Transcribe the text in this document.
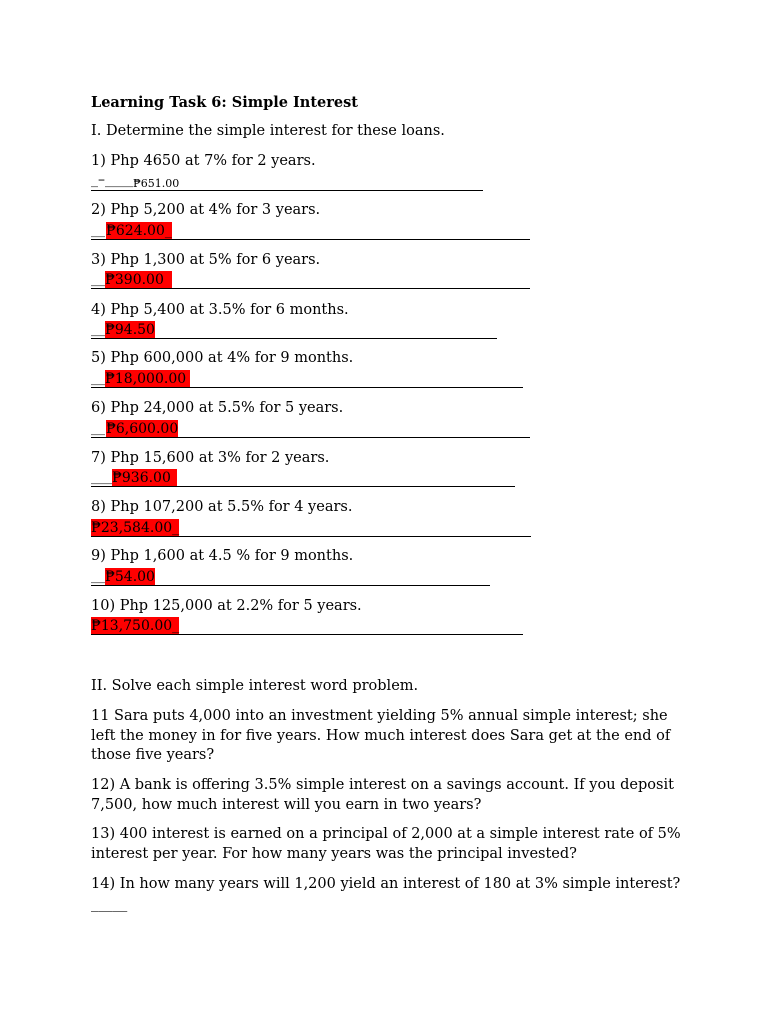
Learning Task 6: Simple Interest
I. Determine the simple interest for these loans.
1) Php 4650 at 7% for 2 years.
_–____₱651.00
2) Php 5,200 at 4% for 3 years.
__₱624.00_
3) Php 1,300 at 5% for 6 years.
__₱390.00
4) Php 5,400 at 3.5% for 6 months.
__₱94.50
5) Php 600,000 at 4% for 9 months.
__₱18,000.00
6) Php 24,000 at 5.5% for 5 years.
__₱6,600.00
7) Php 15,600 at 3% for 2 years.
___₱936.00
8) Php 107,200 at 5.5% for 4 years.
₱23,584.00_
9) Php 1,600 at 4.5 % for 9 months.
__₱54.00
10) Php 125,000 at 2.2% for 5 years.
₱13,750.00_
II. Solve each simple interest word problem.
11 Sara puts 4,000 into an investment yielding 5% annual simple interest; she left the money in for five years. How much interest does Sara get at the end of those five years?
12) A bank is offering 3.5% simple interest on a savings account. If you deposit 7,500, how much interest will you earn in two years?
13) 400 interest is earned on a principal of 2,000 at a simple interest rate of 5% interest per year. For how many years was the principal invested?
14) In how many years will 1,200 yield an interest of 180 at 3% simple interest? _____
